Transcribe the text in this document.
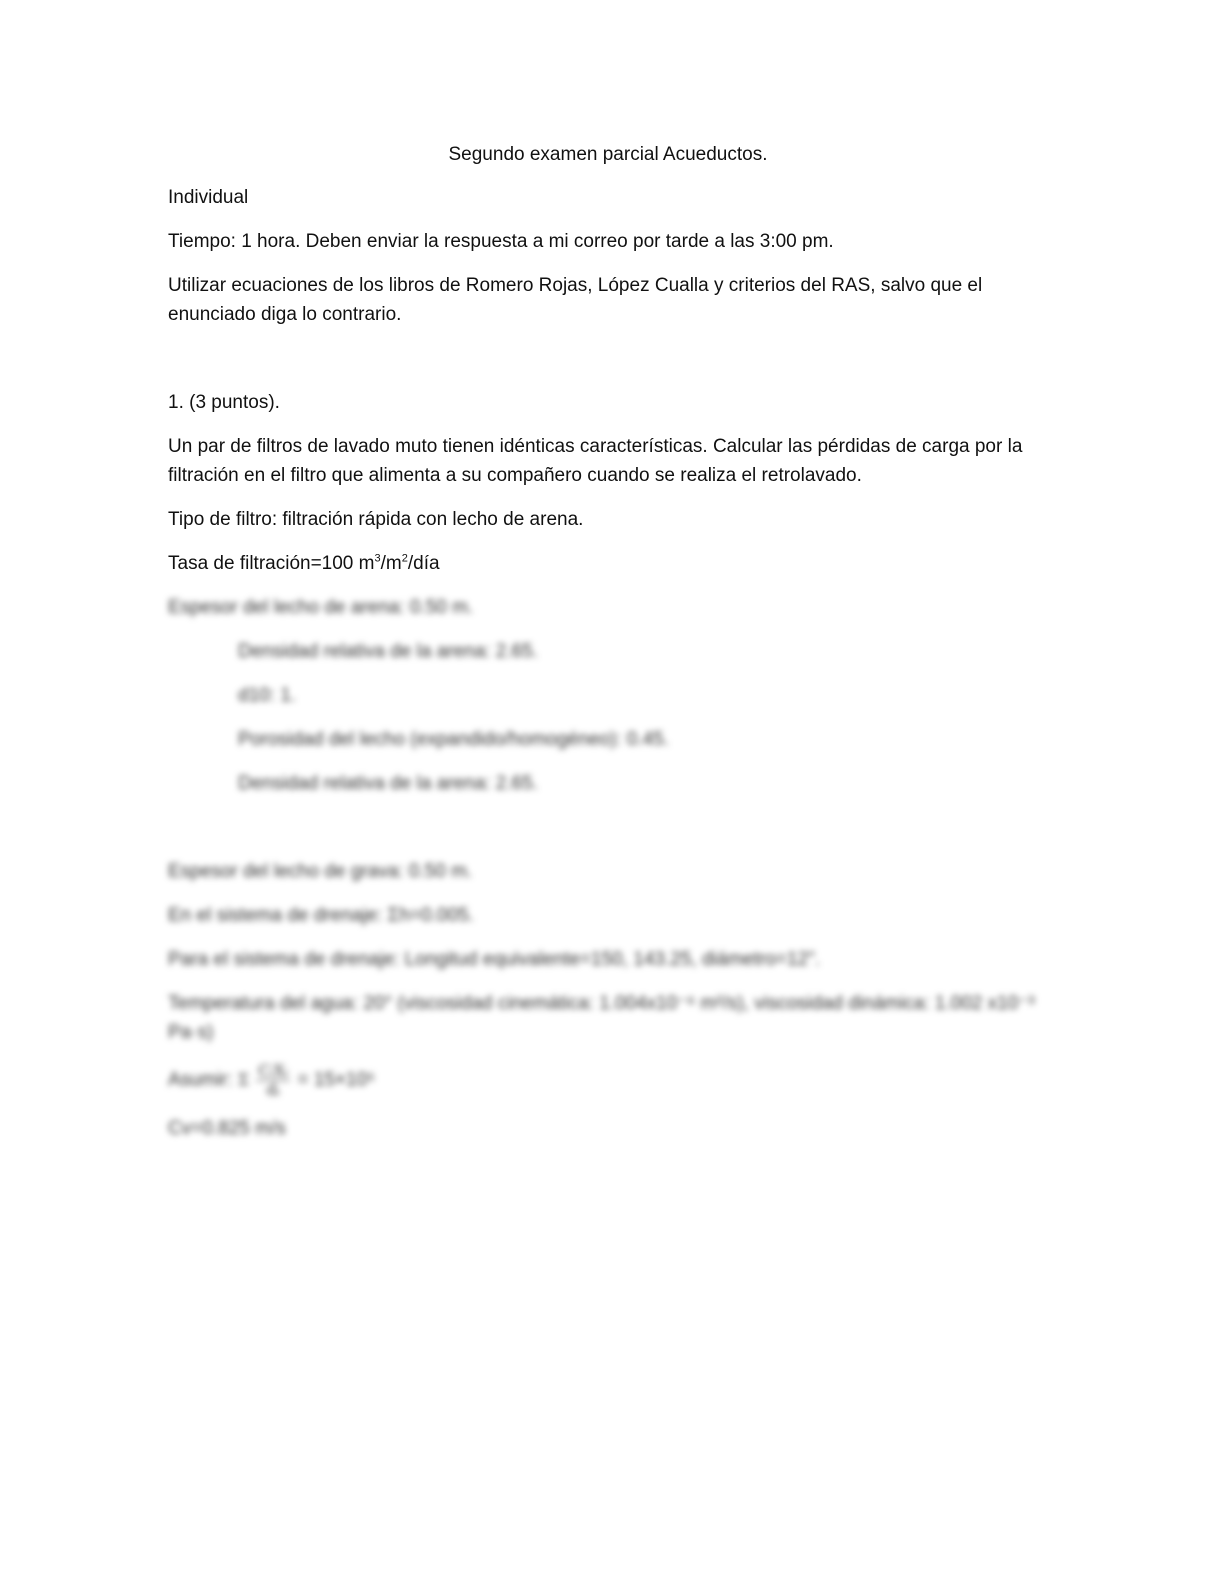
Segundo examen parcial Acueductos.

Individual

Tiempo: 1 hora. Deben enviar la respuesta a mi correo por tarde a las 3:00 pm.

Utilizar ecuaciones de los libros de Romero Rojas, López Cualla y criterios del RAS, salvo que el enunciado diga lo contrario.

1. (3 puntos).

Un par de filtros de lavado muto tienen idénticas características. Calcular las pérdidas de carga por la filtración en el filtro que alimenta a su compañero cuando se realiza el retrolavado.

Tipo de filtro: filtración rápida con lecho de arena.

Tasa de filtración=100 $m^3/m^2$/día

Espesor del lecho de arena: 0.50 m.

Densidad relativa de la arena: 2.65.

d10: 1.

Porosidad del lecho (expandido/homogéneo): 0.45.

Densidad relativa de la arena: 2.65.

Espesor del lecho de grava: 0.50 m.

En el sistema de drenaje: Σh=0.005.

Para el sistema de drenaje: Longitud equivalente=150, 143.25, diámetro=12".

Temperatura del agua: 20° (viscosidad cinemática: 1.004x10⁻⁶ m²/s), viscosidad dinámica: 1.002 x10⁻³ Pa·s)

Asumir: Σ $\frac{\text{CᵢXᵢ}}{\text{dᵢ}} = 15\times 10^5$

Cv=0.825 m/s
